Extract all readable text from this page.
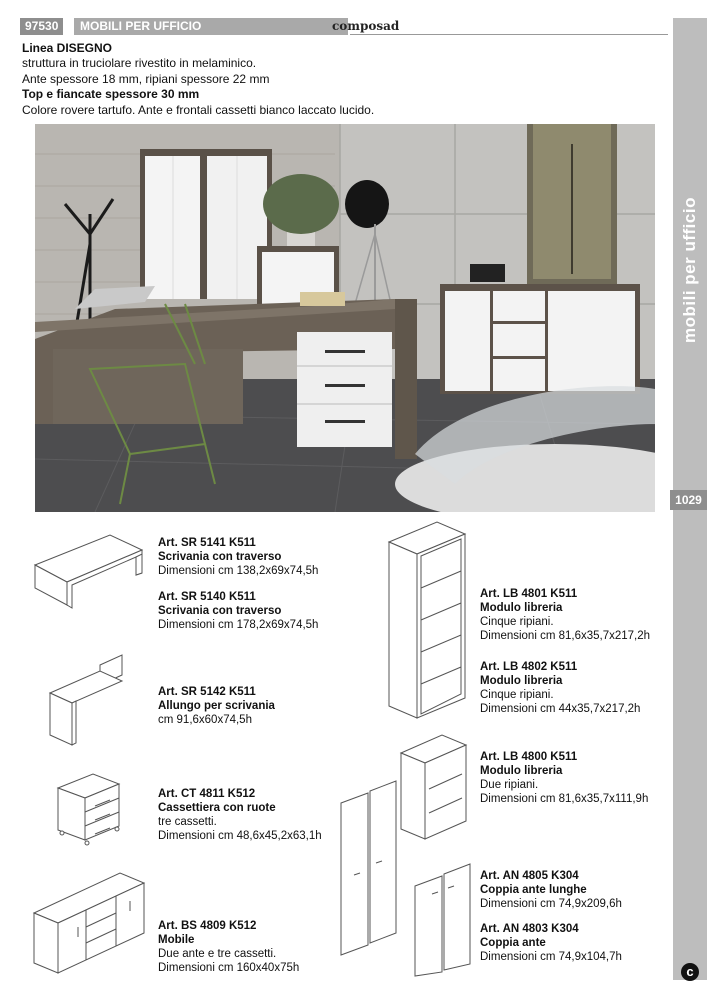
97530	MOBILI PER UFFICIO	composad
Linea DISEGNO
struttura in truciolare rivestito in melaminico.
Ante spessore 18 mm, ripiani spessore 22 mm
Top e fiancate spessore 30 mm
Colore rovere tartufo. Ante e frontali cassetti bianco laccato lucido.
mobili per ufficio
1029
c
Art. SR 5141 K511
Scrivania con traverso
Dimensioni cm 138,2x69x74,5h
Art. SR 5140 K511
Scrivania con traverso
Dimensioni cm 178,2x69x74,5h
Art. SR 5142 K511
Allungo per scrivania
cm 91,6x60x74,5h
Art. CT 4811 K512
Cassettiera con ruote
tre cassetti.
Dimensioni cm 48,6x45,2x63,1h
Art. BS 4809 K512
Mobile
Due ante e tre cassetti.
Dimensioni cm 160x40x75h
Art. LB 4801 K511
Modulo libreria
Cinque ripiani.
Dimensioni cm 81,6x35,7x217,2h
Art. LB 4802 K511
Modulo libreria
Cinque ripiani.
Dimensioni cm 44x35,7x217,2h
Art. LB 4800 K511
Modulo libreria
Due ripiani.
Dimensioni cm 81,6x35,7x111,9h
Art. AN 4805 K304
Coppia ante lunghe
Dimensioni cm 74,9x209,6h
Art. AN 4803 K304
Coppia ante
Dimensioni cm 74,9x104,7h
